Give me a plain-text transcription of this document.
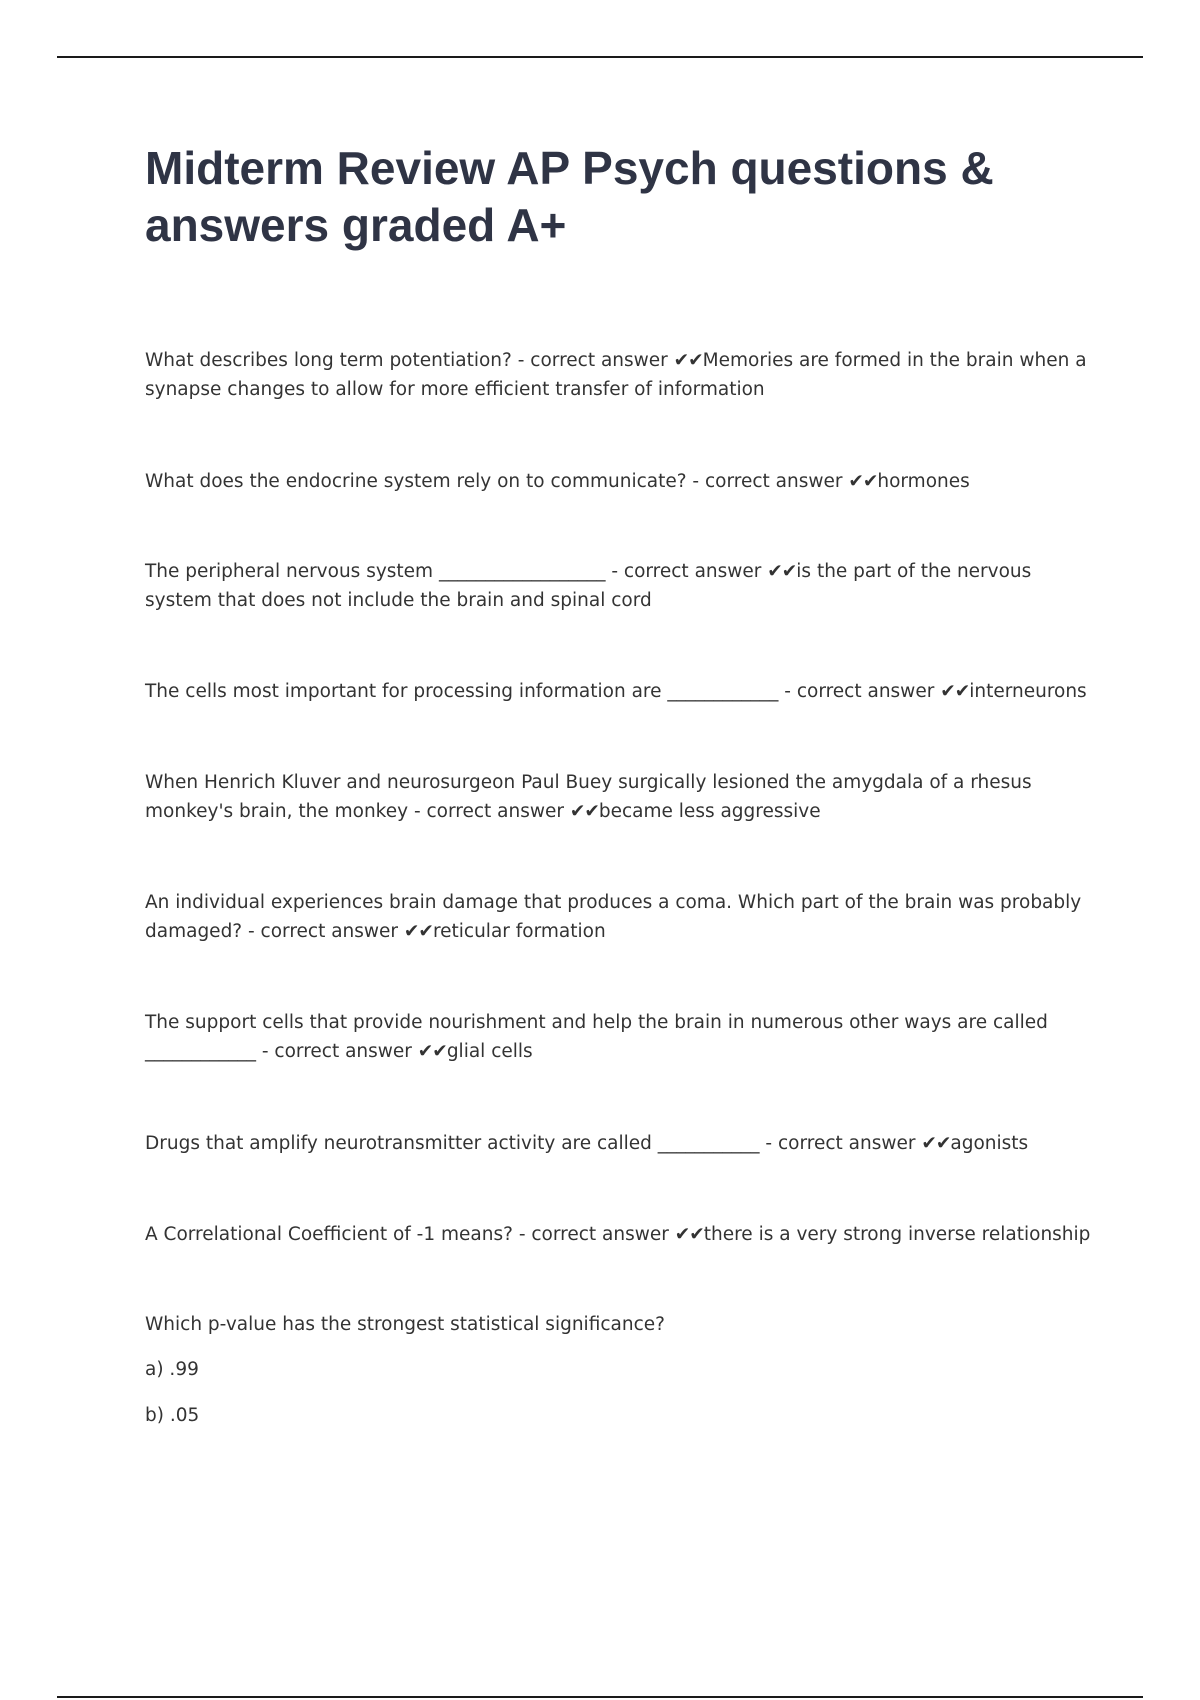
Midterm Review AP Psych questions & answers graded A+

What describes long term potentiation? - correct answer ✔✔Memories are formed in the brain when a synapse changes to allow for more efficient transfer of information

What does the endocrine system rely on to communicate? - correct answer ✔✔hormones

The peripheral nervous system __________________ - correct answer ✔✔is the part of the nervous system that does not include the brain and spinal cord

The cells most important for processing information are ____________ - correct answer ✔✔interneurons

When Henrich Kluver and neurosurgeon Paul Buey surgically lesioned the amygdala of a rhesus monkey's brain, the monkey - correct answer ✔✔became less aggressive

An individual experiences brain damage that produces a coma. Which part of the brain was probably damaged? - correct answer ✔✔reticular formation

The support cells that provide nourishment and help the brain in numerous other ways are called ____________ - correct answer ✔✔glial cells

Drugs that amplify neurotransmitter activity are called ___________ - correct answer ✔✔agonists

A Correlational Coefficient of -1 means? - correct answer ✔✔there is a very strong inverse relationship

Which p-value has the strongest statistical significance?

a) .99

b) .05
